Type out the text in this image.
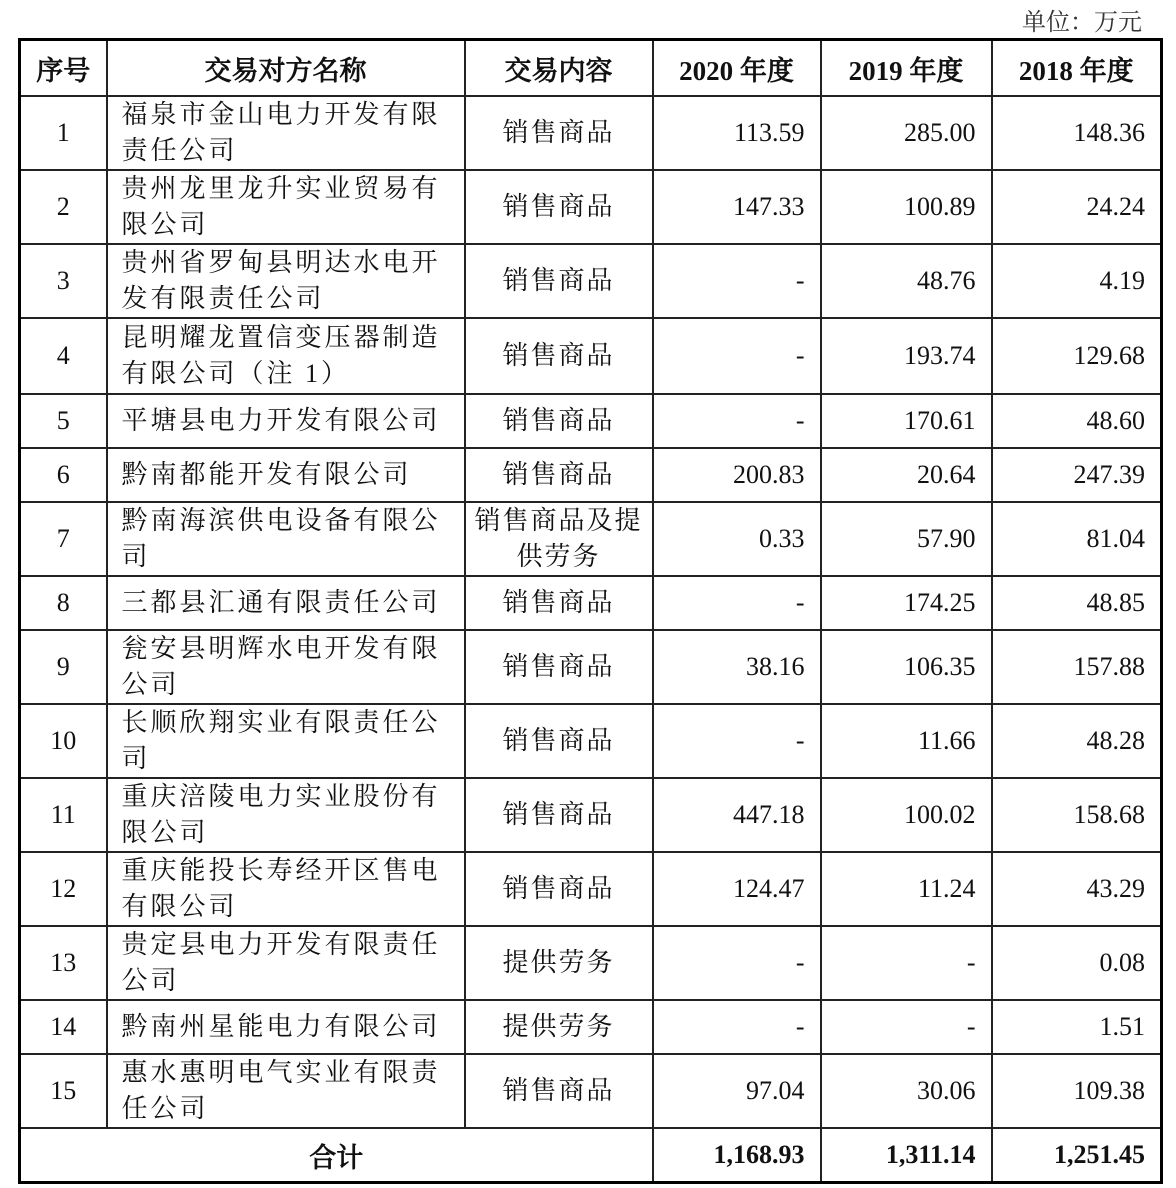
单位：万元
序号	交易对方名称	交易内容	2020 年度	2019 年度	2018 年度
1	福泉市金山电力开发有限责任公司	销售商品	113.59	285.00	148.36
2	贵州龙里龙升实业贸易有限公司	销售商品	147.33	100.89	24.24
3	贵州省罗甸县明达水电开发有限责任公司	销售商品	-	48.76	4.19
4	昆明耀龙置信变压器制造有限公司（注 1）	销售商品	-	193.74	129.68
5	平塘县电力开发有限公司	销售商品	-	170.61	48.60
6	黔南都能开发有限公司	销售商品	200.83	20.64	247.39
7	黔南海滨供电设备有限公司	销售商品及提供劳务	0.33	57.90	81.04
8	三都县汇通有限责任公司	销售商品	-	174.25	48.85
9	瓮安县明辉水电开发有限公司	销售商品	38.16	106.35	157.88
10	长顺欣翔实业有限责任公司	销售商品	-	11.66	48.28
11	重庆涪陵电力实业股份有限公司	销售商品	447.18	100.02	158.68
12	重庆能投长寿经开区售电有限公司	销售商品	124.47	11.24	43.29
13	贵定县电力开发有限责任公司	提供劳务	-	-	0.08
14	黔南州星能电力有限公司	提供劳务	-	-	1.51
15	惠水惠明电气实业有限责任公司	销售商品	97.04	30.06	109.38
合计			1,168.93	1,311.14	1,251.45
